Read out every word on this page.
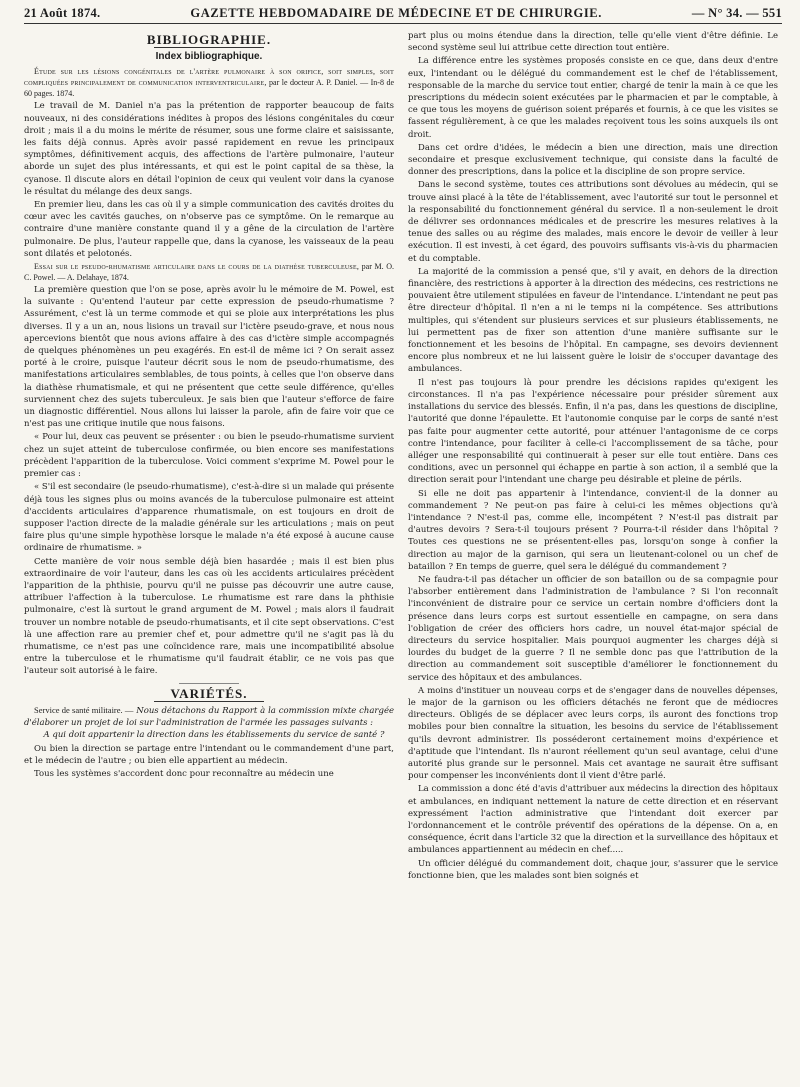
21 Août 1874.	GAZETTE HEBDOMADAIRE DE MÉDECINE ET DE CHIRURGIE.	— N° 34. — 551
BIBLIOGRAPHIE.
Index bibliographique.

Étude sur les lésions congénitales de l'artère pulmonaire à son orifice, soit simples, soit compliquées principalement de communication interventriculaire, par le docteur A. P. Daniel. — In-8 de 60 pages. 1874.

Le travail de M. Daniel n'a pas la prétention de rapporter beaucoup de faits nouveaux, ni des considérations inédites à propos des lésions congénitales du cœur droit ; mais il a du moins le mérite de résumer, sous une forme claire et saisissante, les faits déjà connus. Après avoir passé rapidement en revue les principaux symptômes, définitivement acquis, des affections de l'artère pulmonaire, l'auteur aborde un sujet des plus intéressants, et qui est le point capital de sa thèse, la cyanose. Il discute alors en détail l'opinion de ceux qui veulent voir dans la cyanose le résultat du mélange des deux sangs.

En premier lieu, dans les cas où il y a simple communication des cavités droites du cœur avec les cavités gauches, on n'observe pas ce symptôme. On le remarque au contraire d'une manière constante quand il y a gêne de la circulation de l'artère pulmonaire. De plus, l'auteur rappelle que, dans la cyanose, les vaisseaux de la peau sont dilatés et pelotonés.

Essai sur le pseudo-rhumatisme articulaire dans le cours de la diathèse tuberculeuse, par M. O. C. Powel. — A. Delahaye, 1874.

La première question que l'on se pose, après avoir lu le mémoire de M. Powel, est la suivante : Qu'entend l'auteur par cette expression de pseudo-rhumatisme ? Assurément, c'est là un terme commode et qui se ploie aux interprétations les plus diverses. Il y a un an, nous lisions un travail sur l'ictère pseudo-grave, et nous nous apercevions bientôt que nous avions affaire à des cas d'ictère simple accompagnés de quelques phénomènes un peu exagérés. En est-il de même ici ? On serait assez porté à le croire, puisque l'auteur décrit sous le nom de pseudo-rhumatisme, des manifestations articulaires semblables, de tous points, à celles que l'on observe dans la diathèse rhumatismale, et qui ne présentent que cette seule différence, qu'elles surviennent chez des sujets tuberculeux. Je sais bien que l'auteur s'efforce de faire un diagnostic différentiel. Nous allons lui laisser la parole, afin de faire voir que ce n'est pas une critique inutile que nous faisons.

« Pour lui, deux cas peuvent se présenter : ou bien le pseudo-rhumatisme survient chez un sujet atteint de tuberculose confirmée, ou bien encore ses manifestations précèdent l'apparition de la tuberculose. Voici comment s'exprime M. Powel pour le premier cas :

« S'il est secondaire (le pseudo-rhumatisme), c'est-à-dire si un malade qui présente déjà tous les signes plus ou moins avancés de la tuberculose pulmonaire est atteint d'accidents articulaires d'apparence rhumatismale, on est toujours en droit de supposer l'action directe de la maladie générale sur les articulations ; mais on peut faire plus qu'une simple hypothèse lorsque le malade n'a été exposé à aucune cause ordinaire de rhumatisme. »

Cette manière de voir nous semble déjà bien hasardée ; mais il est bien plus extraordinaire de voir l'auteur, dans les cas où les accidents articulaires précèdent l'apparition de la phthisie, pourvu qu'il ne puisse pas découvrir une autre cause, attribuer l'affection à la tuberculose. Le rhumatisme est rare dans la phthisie pulmonaire, c'est là surtout le grand argument de M. Powel ; mais alors il faudrait trouver un nombre notable de pseudo-rhumatisants, et il cite sept observations. C'est là une affection rare au premier chef et, pour admettre qu'il ne s'agit pas là du rhumatisme, ce n'est pas une coïncidence rare, mais une incompatibilité absolue entre la tuberculose et le rhumatisme qu'il faudrait établir, ce ne vois pas que l'auteur soit autorisé à le faire.

VARIÉTÉS.

Service de santé militaire. — Nous détachons du Rapport à la commission mixte chargée d'élaborer un projet de loi sur l'administration de l'armée les passages suivants :

A qui doit appartenir la direction dans les établissements du service de santé ?

Ou bien la direction se partage entre l'intendant ou le commandement d'une part, et le médecin de l'autre ; ou bien elle appartient au médecin.

Tous les systèmes s'accordent donc pour reconnaître au médecin une

part plus ou moins étendue dans la direction, telle qu'elle vient d'être définie. Le second système seul lui attribue cette direction tout entière.

La différence entre les systèmes proposés consiste en ce que, dans deux d'entre eux, l'intendant ou le délégué du commandement est le chef de l'établissement, responsable de la marche du service tout entier, chargé de tenir la main à ce que les prescriptions du médecin soient exécutées par le pharmacien et par le comptable, à ce que tous les moyens de guérison soient préparés et fournis, à ce que les visites se fassent régulièrement, à ce que les malades reçoivent tous les soins auxquels ils ont droit.

Dans cet ordre d'idées, le médecin a bien une direction, mais une direction secondaire et presque exclusivement technique, qui consiste dans la faculté de donner des prescriptions, dans la police et la discipline de son propre service.

Dans le second système, toutes ces attributions sont dévolues au médecin, qui se trouve ainsi placé à la tête de l'établissement, avec l'autorité sur tout le personnel et la responsabilité du fonctionnement général du service. Il a non-seulement le droit de délivrer ses ordonnances médicales et de prescrire les mesures relatives à la tenue des salles ou au régime des malades, mais encore le devoir de veiller à leur exécution. Il est investi, à cet égard, des pouvoirs suffisants vis-à-vis du pharmacien et du comptable.

La majorité de la commission a pensé que, s'il y avait, en dehors de la direction financière, des restrictions à apporter à la direction des médecins, ces restrictions ne pouvaient être utilement stipulées en faveur de l'intendance. L'intendant ne peut pas être directeur d'hôpital. Il n'en a ni le temps ni la compétence. Ses attributions multiples, qui s'étendent sur plusieurs services et sur plusieurs établissements, ne lui permettent pas de fixer son attention d'une manière suffisante sur le fonctionnement et les besoins de l'hôpital. En campagne, ses devoirs deviennent encore plus nombreux et ne lui laissent guère le loisir de s'occuper davantage des ambulances.

Il n'est pas toujours là pour prendre les décisions rapides qu'exigent les circonstances. Il n'a pas l'expérience nécessaire pour présider sûrement aux installations du service des blessés. Enfin, il n'a pas, dans les questions de discipline, l'autorité que donne l'épaulette. Et l'autonomie conquise par le corps de santé n'est pas faite pour augmenter cette autorité, pour atténuer l'antagonisme de ce corps contre l'intendance, pour faciliter à celle-ci l'accomplissement de sa tâche, pour alléger une responsabilité qui continuerait à peser sur elle tout entière. Dans ces conditions, avec un personnel qui échappe en partie à son action, il a semblé que la direction serait pour l'intendant une charge peu désirable et pleine de périls.

Si elle ne doit pas appartenir à l'intendance, convient-il de la donner au commandement ? Ne peut-on pas faire à celui-ci les mêmes objections qu'à l'intendance ? N'est-il pas, comme elle, incompétent ? N'est-il pas distrait par d'autres devoirs ? Sera-t-il toujours présent ? Pourra-t-il résider dans l'hôpital ? Toutes ces questions ne se présentent-elles pas, lorsqu'on songe à confier la direction au major de la garnison, qui sera un lieutenant-colonel ou un chef de bataillon ? En temps de guerre, quel sera le délégué du commandement ?

Ne faudra-t-il pas détacher un officier de son bataillon ou de sa compagnie pour l'absorber entièrement dans l'administration de l'ambulance ? Si l'on reconnaît l'inconvénient de distraire pour ce service un certain nombre d'officiers dont la présence dans leurs corps est surtout essentielle en campagne, on sera dans l'obligation de créer des officiers hors cadre, un nouvel état-major spécial de directeurs du service hospitalier. Mais pourquoi augmenter les charges déjà si lourdes du budget de la guerre ? Il ne semble donc pas que l'attribution de la direction au commandement soit susceptible d'améliorer le fonctionnement du service des hôpitaux et des ambulances.

A moins d'instituer un nouveau corps et de s'engager dans de nouvelles dépenses, le major de la garnison ou les officiers détachés ne feront que de médiocres directeurs. Obligés de se déplacer avec leurs corps, ils auront des fonctions trop mobiles pour bien connaître la situation, les besoins du service de l'établissement qu'ils devront administrer. Ils posséderont certainement moins d'expérience et d'aptitude que l'intendant. Ils n'auront réellement qu'un seul avantage, celui d'une autorité plus grande sur le personnel. Mais cet avantage ne saurait être suffisant pour compenser les inconvénients dont il vient d'être parlé.

La commission a donc été d'avis d'attribuer aux médecins la direction des hôpitaux et ambulances, en indiquant nettement la nature de cette direction et en réservant expressément l'action administrative que l'intendant doit exercer par l'ordonnancement et le contrôle préventif des opérations de la dépense. On a, en conséquence, écrit dans l'article 32 que la direction et la surveillance des hôpitaux et ambulances appartiennent au médecin en chef.....

Un officier délégué du commandement doit, chaque jour, s'assurer que le service fonctionne bien, que les malades sont bien soignés et
